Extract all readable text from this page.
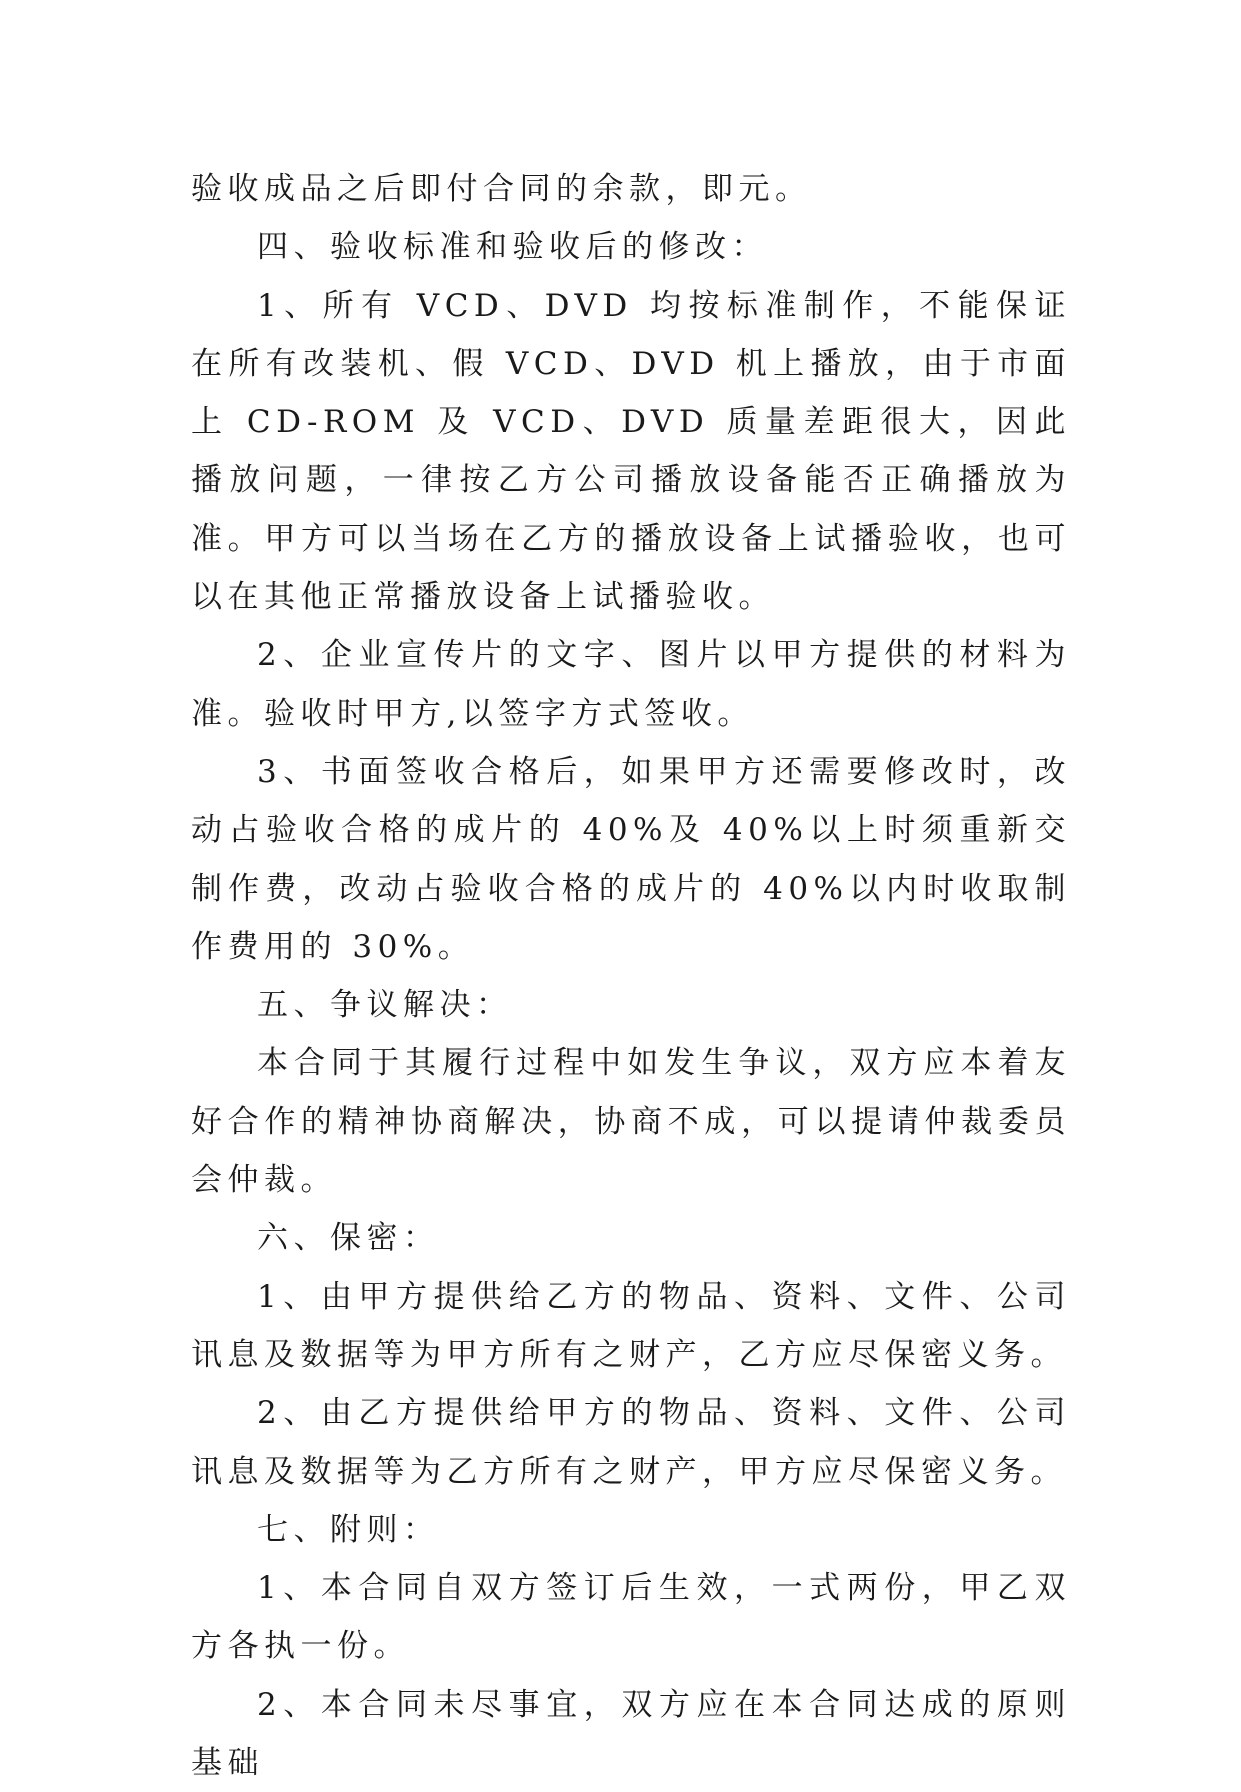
验收成品之后即付合同的余款，即元。

四、验收标准和验收后的修改：

1、所有 VCD、DVD 均按标准制作，不能保证在所有改装机、假 VCD、DVD 机上播放，由于市面上 CD-ROM 及 VCD、DVD 质量差距很大，因此播放问题，一律按乙方公司播放设备能否正确播放为准。甲方可以当场在乙方的播放设备上试播验收，也可以在其他正常播放设备上试播验收。

2、企业宣传片的文字、图片以甲方提供的材料为准。验收时甲方,以签字方式签收。

3、书面签收合格后，如果甲方还需要修改时，改动占验收合格的成片的 40%及 40%以上时须重新交制作费，改动占验收合格的成片的 40%以内时收取制作费用的 30%。

五、争议解决：

本合同于其履行过程中如发生争议，双方应本着友好合作的精神协商解决，协商不成，可以提请仲裁委员会仲裁。

六、保密：

1、由甲方提供给乙方的物品、资料、文件、公司讯息及数据等为甲方所有之财产，乙方应尽保密义务。

2、由乙方提供给甲方的物品、资料、文件、公司讯息及数据等为乙方所有之财产，甲方应尽保密义务。

七、附则：

1、本合同自双方签订后生效，一式两份，甲乙双方各执一份。

2、本合同未尽事宜，双方应在本合同达成的原则基础
